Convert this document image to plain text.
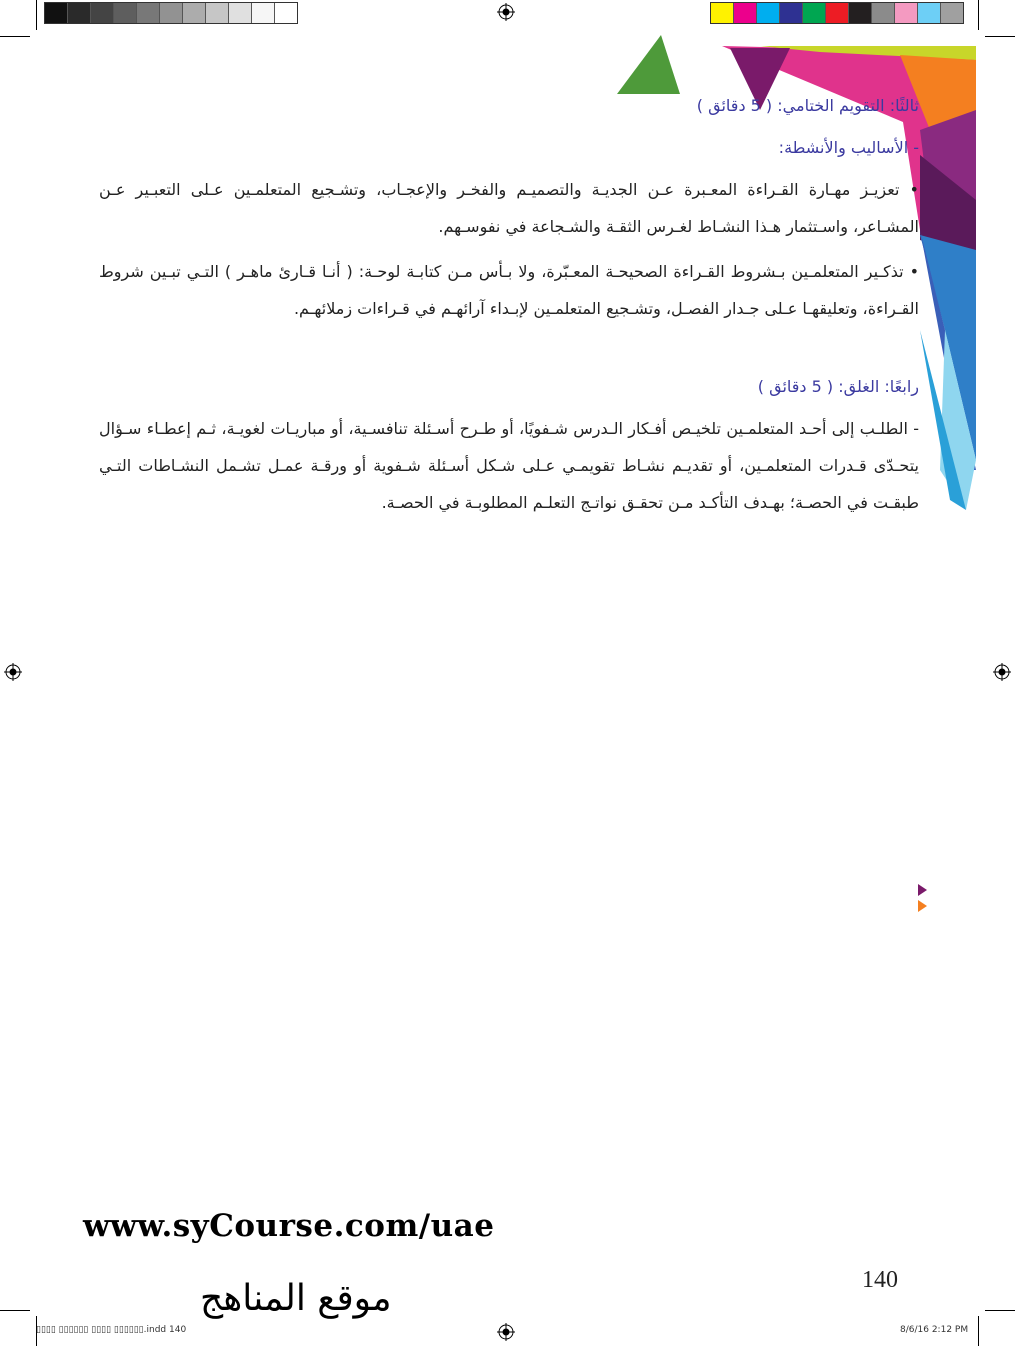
ثالثًا: التقويم الختامي: ( 5 دقائق )
- الأساليب والأنشطة:
• تعزيـز مهـارة القـراءة المعـبرة عـن الجديـة والتصميـم والفخـر والإعجـاب، وتشـجيع المتعلمـين عـلى التعبـير عـن المشـاعر، واسـتثمار هـذا النشـاط لغـرس الثقـة والشـجاعة في نفوسـهم.
• تذكـير المتعلمـين بـشروط القـراءة الصحيحـة المعـبّرة، ولا بـأس مـن كتابـة لوحـة: ( أنـا قـارئ ماهـر ) التـي تبـين شروط القـراءة، وتعليقهـا عـلى جـدار الفصـل، وتشـجيع المتعلمـين لإبـداء آرائهـم في قـراءات زملائهـم.
رابعًا: الغلق: ( 5 دقائق )
- الطلـب إلى أحـد المتعلمـين تلخيـص أفـكار الـدرس شـفويًا، أو طـرح أسـئلة تنافسـية، أو مباريـات لغويـة، ثـم إعطـاء سـؤال يتحـدّى قـدرات المتعلمـين، أو تقديـم نشـاط تقويمـي عـلى شـكل أسـئلة شـفوية أو ورقـة عمـل تشـمل النشـاطات التـي طبقـت في الحصـة؛ بهـدف التأكـد مـن تحقـق نواتـج التعلـم المطلوبـة في الحصـة.
www.syCourse.com/uae
موقع المناهج	140
▯▯▯▯ ▯▯▯▯▯▯ ▯▯▯▯ ▯▯▯▯▯▯.indd 140	8/6/16 2:12 PM
